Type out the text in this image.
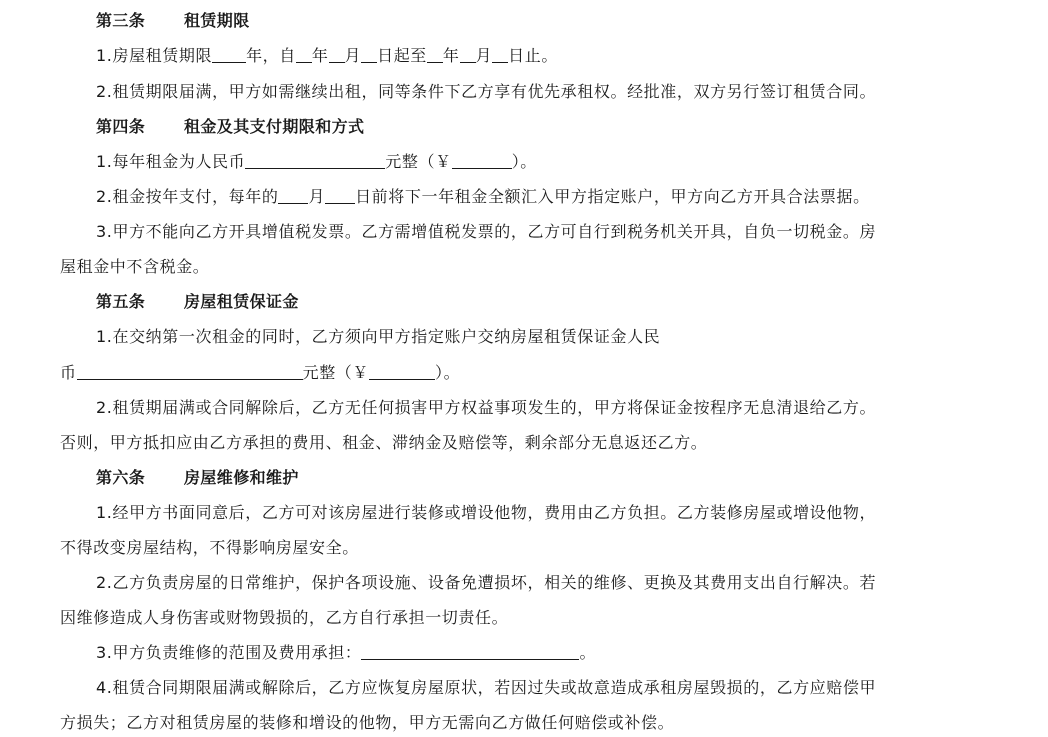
第三条 租赁期限
1.房屋租赁期限 年，自 年 月 日起至 年 月 日止。
2.租赁期限届满，甲方如需继续出租，同等条件下乙方享有优先承租权。经批准，双方另行签订租赁合同。
第四条 租金及其支付期限和方式
1.每年租金为人民币	元整（￥	）。
2.租金按年支付，每年的 月 日前将下一年租金全额汇入甲方指定账户，甲方向乙方开具合法票据。
3.甲方不能向乙方开具增值税发票。乙方需增值税发票的，乙方可自行到税务机关开具，自负一切税金。房
屋租金中不含税金。
第五条 房屋租赁保证金
1.在交纳第一次租金的同时，乙方须向甲方指定账户交纳房屋租赁保证金人民
币	元整（￥	）。
2.租赁期届满或合同解除后，乙方无任何损害甲方权益事项发生的，甲方将保证金按程序无息清退给乙方。
否则，甲方抵扣应由乙方承担的费用、租金、滞纳金及赔偿等，剩余部分无息返还乙方。
第六条 房屋维修和维护
1.经甲方书面同意后，乙方可对该房屋进行装修或增设他物，费用由乙方负担。乙方装修房屋或增设他物，
不得改变房屋结构，不得影响房屋安全。
2.乙方负责房屋的日常维护，保护各项设施、设备免遭损坏，相关的维修、更换及其费用支出自行解决。若
因维修造成人身伤害或财物毁损的，乙方自行承担一切责任。
3.甲方负责维修的范围及费用承担：	。
4.租赁合同期限届满或解除后，乙方应恢复房屋原状，若因过失或故意造成承租房屋毁损的，乙方应赔偿甲
方损失；乙方对租赁房屋的装修和增设的他物，甲方无需向乙方做任何赔偿或补偿。
